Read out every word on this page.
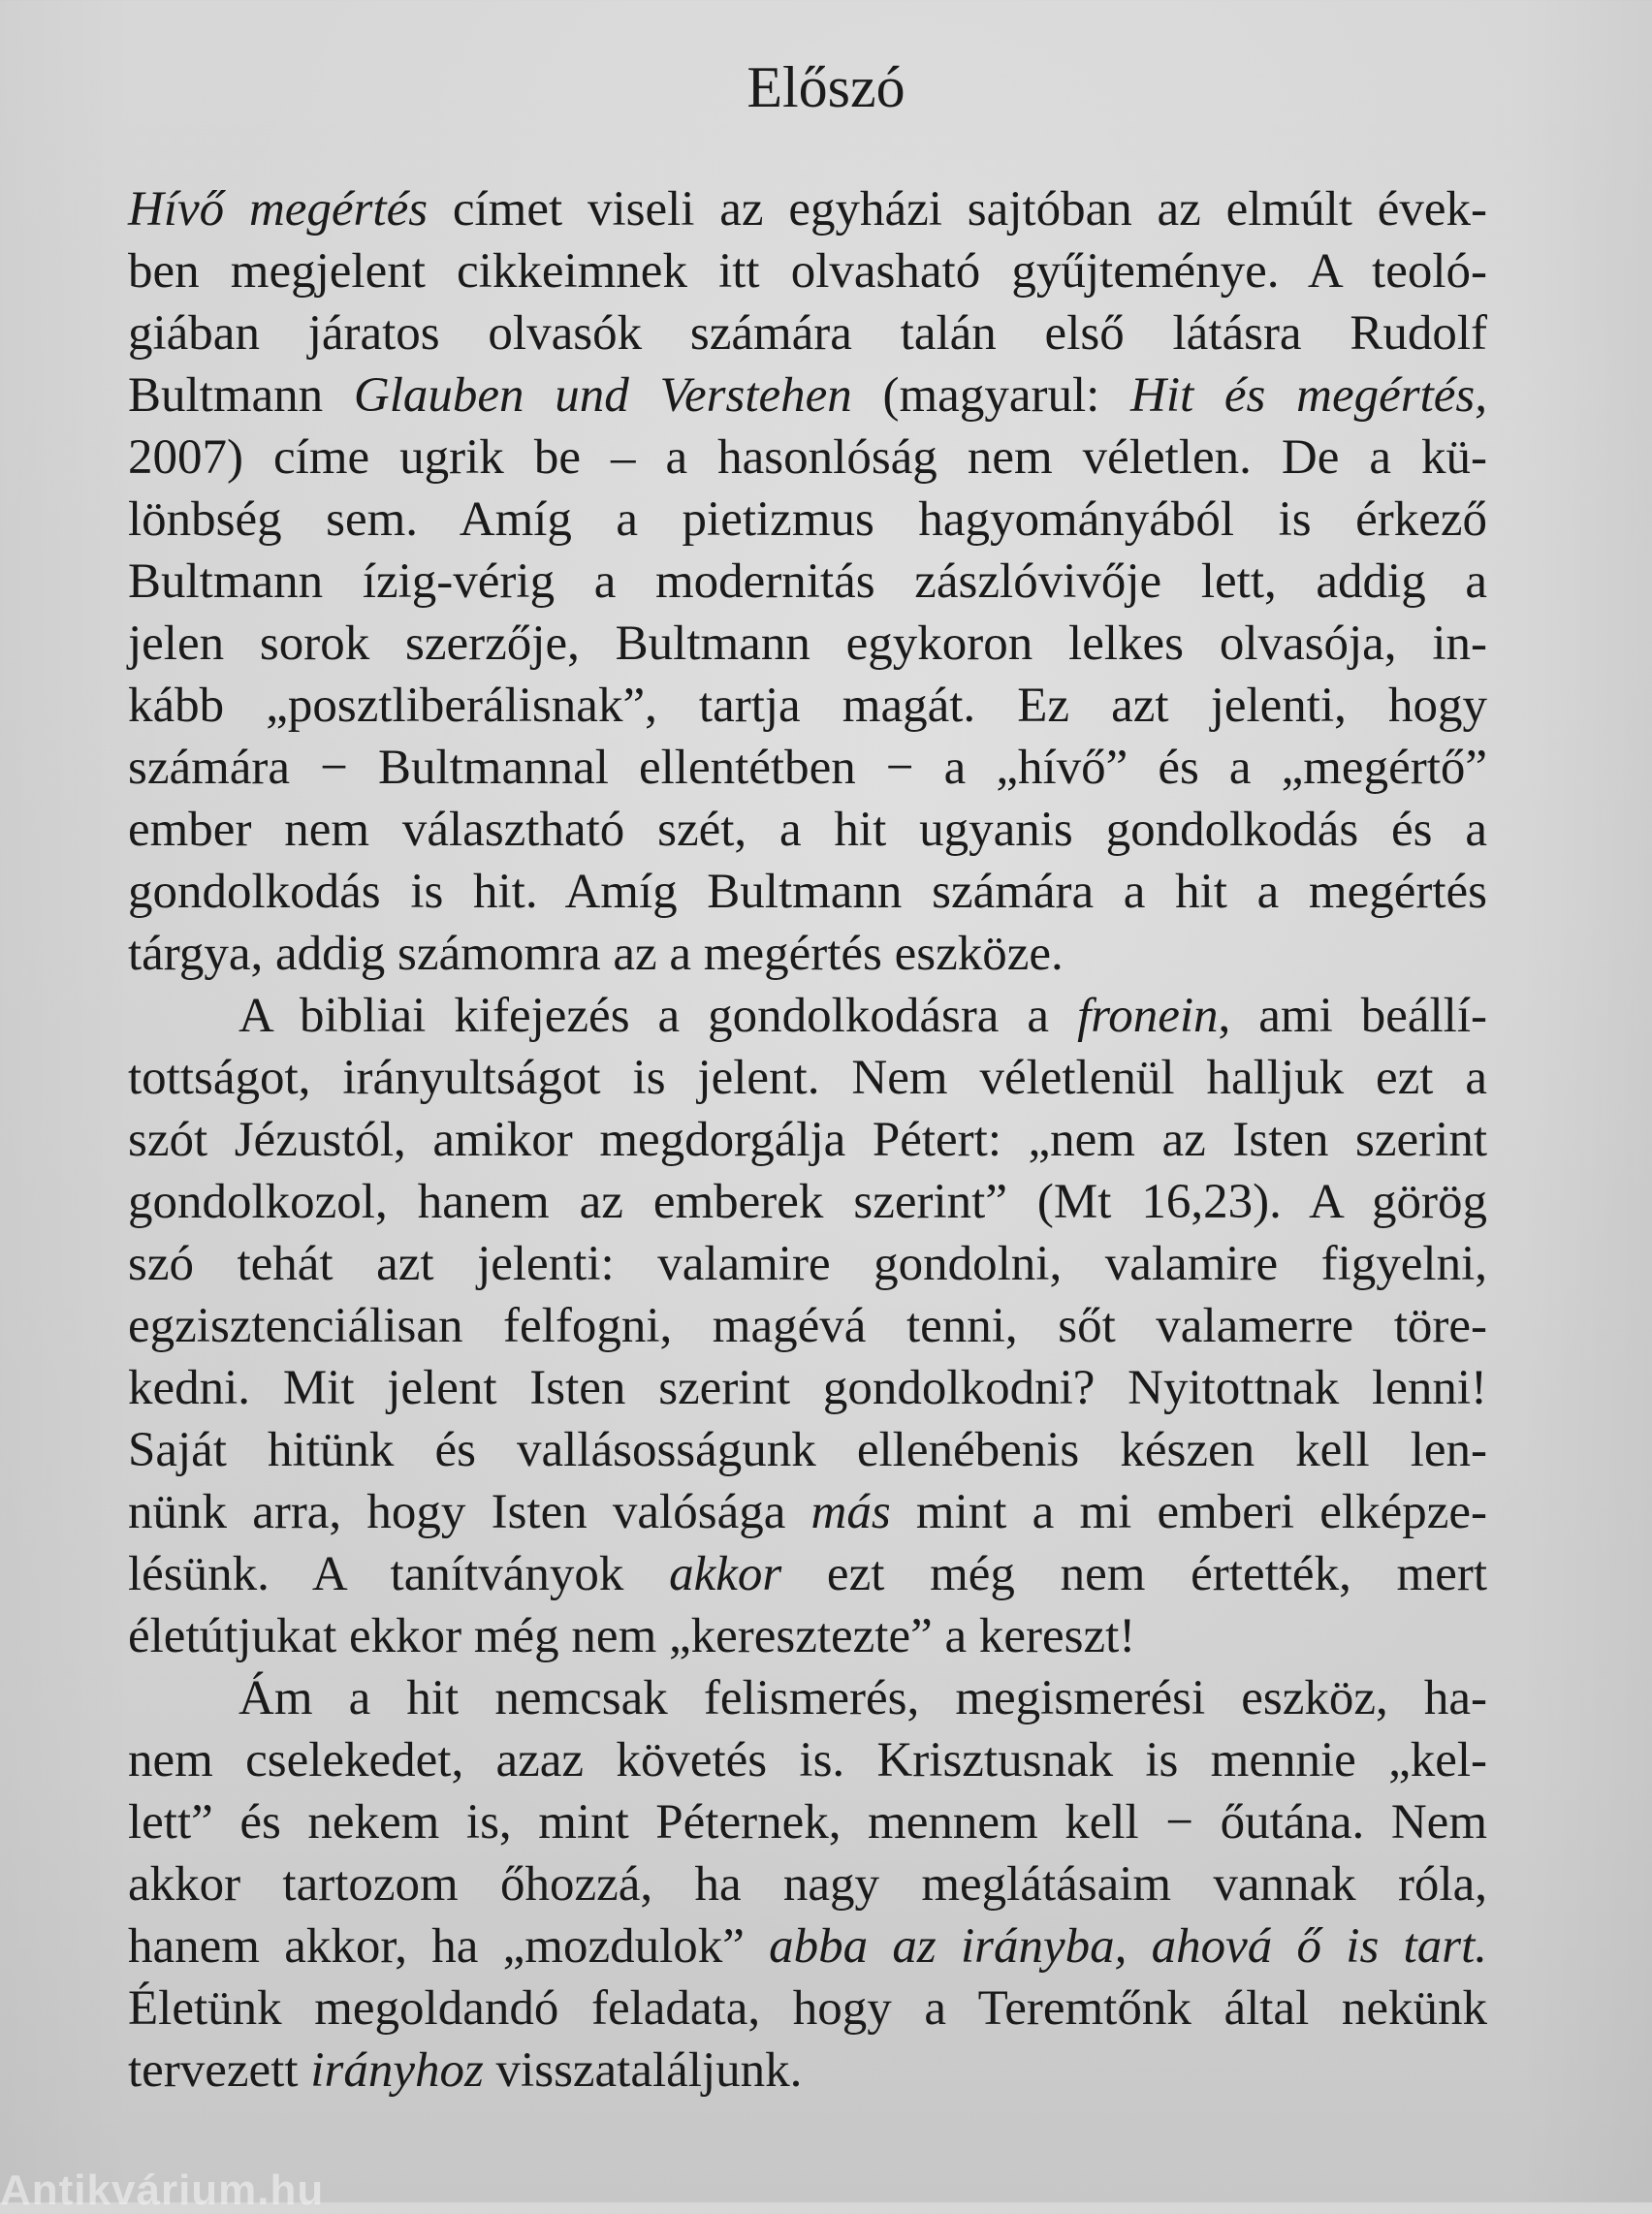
Előszó
Hívő megértés címet viseli az egyházi sajtóban az elmúlt évek-
ben megjelent cikkeimnek itt olvasható gyűjteménye. A teoló-
giában járatos olvasók számára talán első látásra Rudolf
Bultmann Glauben und Verstehen (magyarul: Hit és megértés,
2007) címe ugrik be – a hasonlóság nem véletlen. De a kü-
lönbség sem. Amíg a pietizmus hagyományából is érkező
Bultmann ízig-vérig a modernitás zászlóvivője lett, addig a
jelen sorok szerzője, Bultmann egykoron lelkes olvasója, in-
kább „posztliberálisnak”, tartja magát. Ez azt jelenti, hogy
számára − Bultmannal ellentétben − a „hívő” és a „megértő”
ember nem választható szét, a hit ugyanis gondolkodás és a
gondolkodás is hit. Amíg Bultmann számára a hit a megértés
tárgya, addig számomra az a megértés eszköze.
A bibliai kifejezés a gondolkodásra a fronein, ami beállí-
tottságot, irányultságot is jelent. Nem véletlenül halljuk ezt a
szót Jézustól, amikor megdorgálja Pétert: „nem az Isten szerint
gondolkozol, hanem az emberek szerint” (Mt 16,23). A görög
szó tehát azt jelenti: valamire gondolni, valamire figyelni,
egzisztenciálisan felfogni, magévá tenni, sőt valamerre töre-
kedni. Mit jelent Isten szerint gondolkodni? Nyitottnak lenni!
Saját hitünk és vallásosságunk ellenébenis készen kell len-
nünk arra, hogy Isten valósága más mint a mi emberi elképze-
lésünk. A tanítványok akkor ezt még nem értették, mert
életútjukat ekkor még nem „keresztezte” a kereszt!
Ám a hit nemcsak felismerés, megismerési eszköz, ha-
nem cselekedet, azaz követés is. Krisztusnak is mennie „kel-
lett” és nekem is, mint Péternek, mennem kell − őutána. Nem
akkor tartozom őhozzá, ha nagy meglátásaim vannak róla,
hanem akkor, ha „mozdulok” abba az irányba, ahová ő is tart.
Életünk megoldandó feladata, hogy a Teremtőnk által nekünk
tervezett irányhoz visszataláljunk.
Antikvárium.hu
